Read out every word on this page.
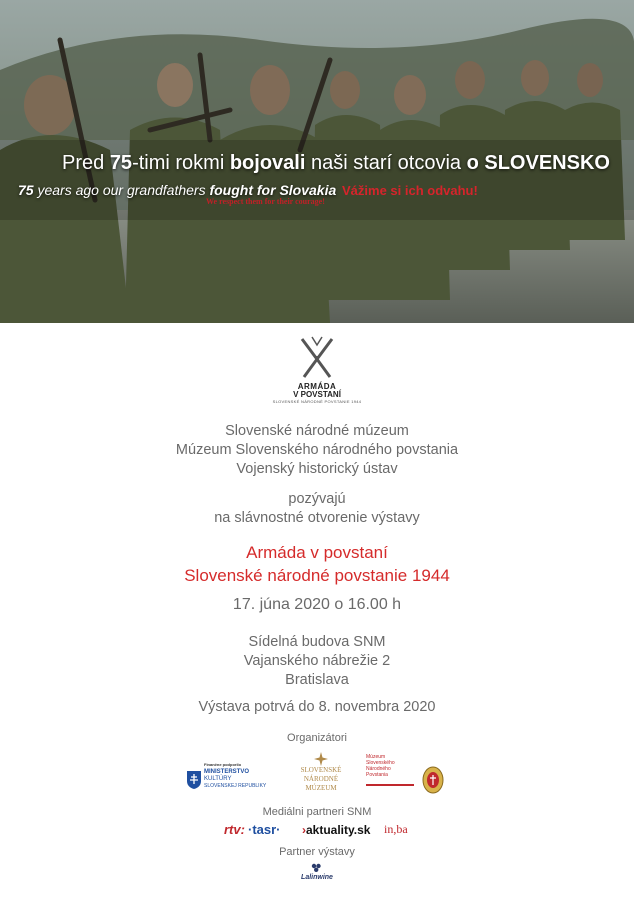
Pred 75-timi rokmi bojovali naši starí otcovia o SLOVENSKO
75 years ago our grandfathers fought for Slovakia Vážime si ich odvahu!
We respect them for their courage!
ARMÁDA
V POVSTANÍ
SLOVENSKÉ NÁRODNÉ POVSTANIE 1944
Slovenské národné múzeum
Múzeum Slovenského národného povstania
Vojenský historický ústav
pozývajú
na slávnostné otvorenie výstavy
Armáda v povstaní
Slovenské národné povstanie 1944
17. júna 2020 o 16.00 h
Sídelná budova SNM
Vajanského nábrežie 2
Bratislava
Výstava potrvá do 8. novembra 2020
Organizátori
Finančne podporilo
MINISTERSTVO
KULTÚRY
SLOVENSKEJ REPUBLIKY
SLOVENSKÉ
NÁRODNÉ
MÚZEUM
Múzeum
Slovenského
Národného
Povstania
Mediálni partneri SNM
rtv: ·tasr· ›aktuality.sk in,ba
Partner výstavy
Lalinwine
